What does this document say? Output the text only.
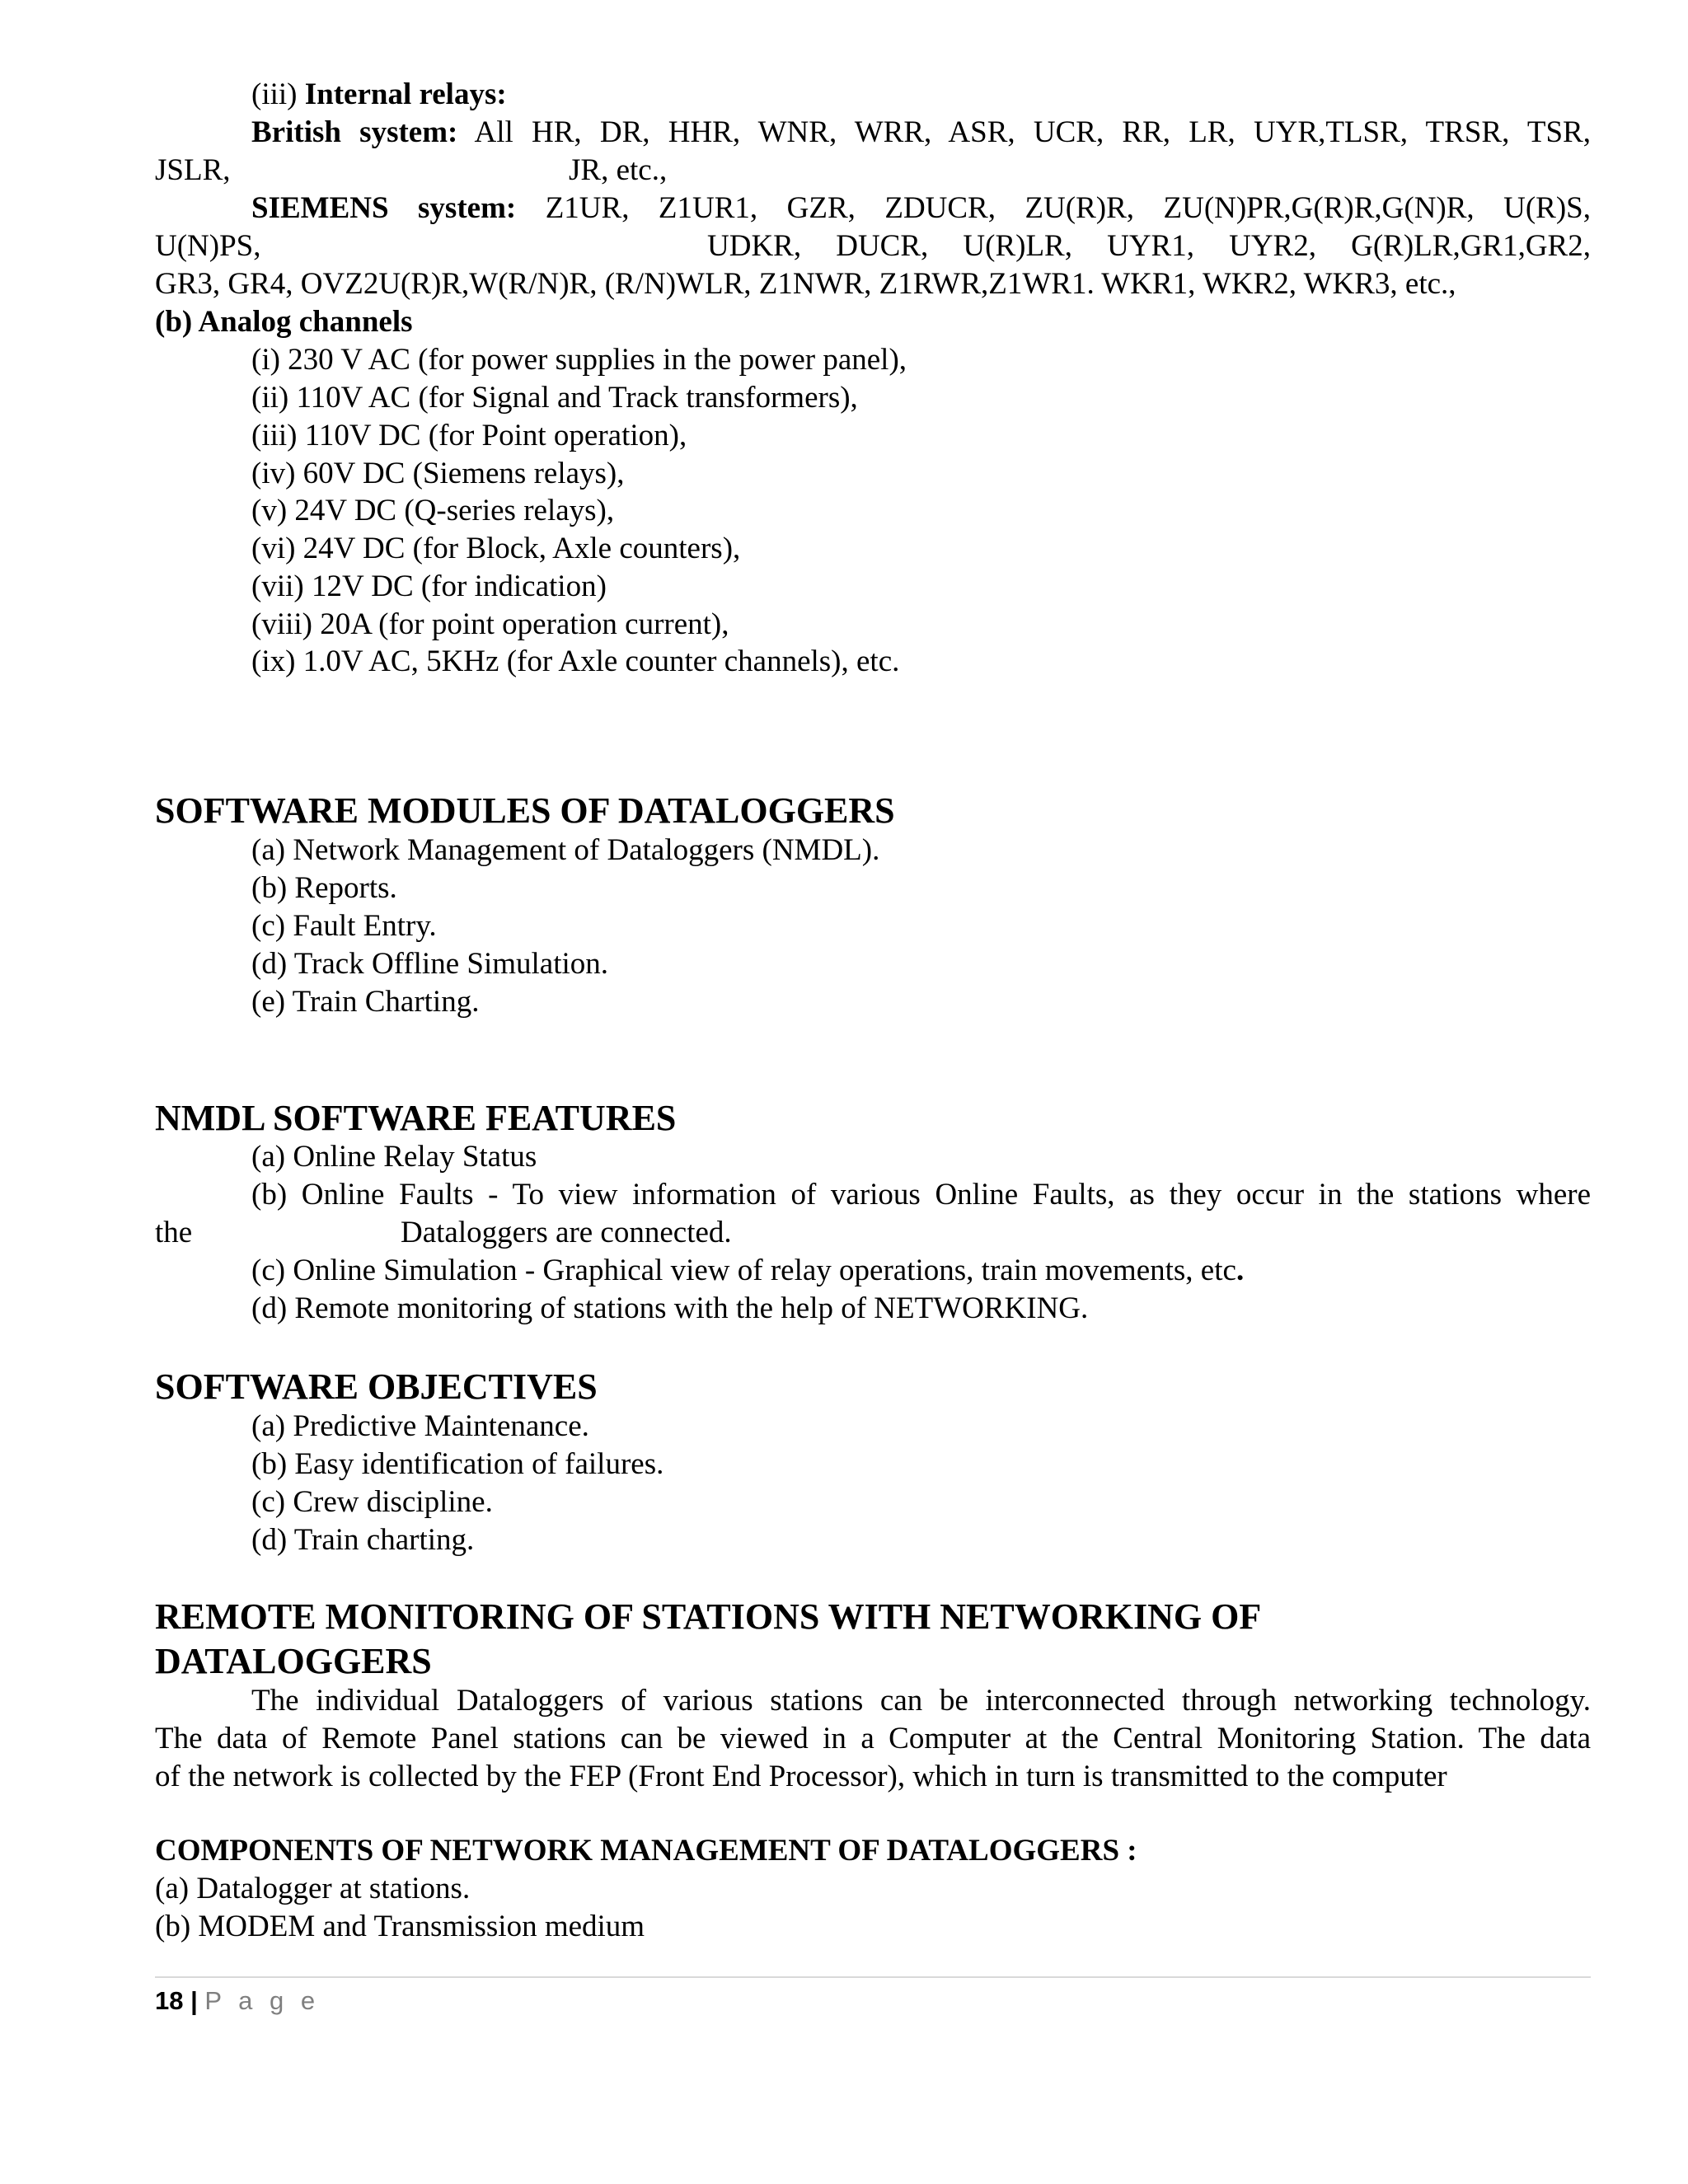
(iii) Internal relays:
British system: All HR, DR, HHR, WNR, WRR, ASR, UCR, RR, LR, UYR,TLSR, TRSR, TSR,
JSLR,	JR, etc.,
SIEMENS system: Z1UR, Z1UR1, GZR, ZDUCR, ZU(R)R, ZU(N)PR,G(R)R,G(N)R, U(R)S,
U(N)PS,	UDKR, DUCR, U(R)LR, UYR1, UYR2, G(R)LR,GR1,GR2,
GR3, GR4, OVZ2U(R)R,W(R/N)R, (R/N)WLR, Z1NWR, Z1RWR,Z1WR1. WKR1, WKR2, WKR3, etc.,
(b) Analog channels
(i) 230 V AC (for power supplies in the power panel),
(ii) 110V AC (for Signal and Track transformers),
(iii) 110V DC (for Point operation),
(iv) 60V DC (Siemens relays),
(v) 24V DC (Q-series relays),
(vi) 24V DC (for Block, Axle counters),
(vii) 12V DC (for indication)
(viii) 20A (for point operation current),
(ix) 1.0V AC, 5KHz (for Axle counter channels), etc.
SOFTWARE MODULES OF DATALOGGERS
(a) Network Management of Dataloggers (NMDL).
(b) Reports.
(c) Fault Entry.
(d) Track Offline Simulation.
(e) Train Charting.
NMDL SOFTWARE FEATURES
(a) Online Relay Status
(b) Online Faults - To view information of various Online Faults, as they occur in the stations where
the	Dataloggers are connected.
(c) Online Simulation - Graphical view of relay operations, train movements, etc.
(d) Remote monitoring of stations with the help of NETWORKING.
SOFTWARE OBJECTIVES
(a) Predictive Maintenance.
(b) Easy identification of failures.
(c) Crew discipline.
(d) Train charting.
REMOTE MONITORING OF STATIONS WITH NETWORKING OF
DATALOGGERS
The individual Dataloggers of various stations can be interconnected through networking technology.
The data of Remote Panel stations can be viewed in a Computer at the Central Monitoring Station. The data
of the network is collected by the FEP (Front End Processor), which in turn is transmitted to the computer
COMPONENTS OF NETWORK MANAGEMENT OF DATALOGGERS :
(a) Datalogger at stations.
(b) MODEM and Transmission medium
18 | P a g e
